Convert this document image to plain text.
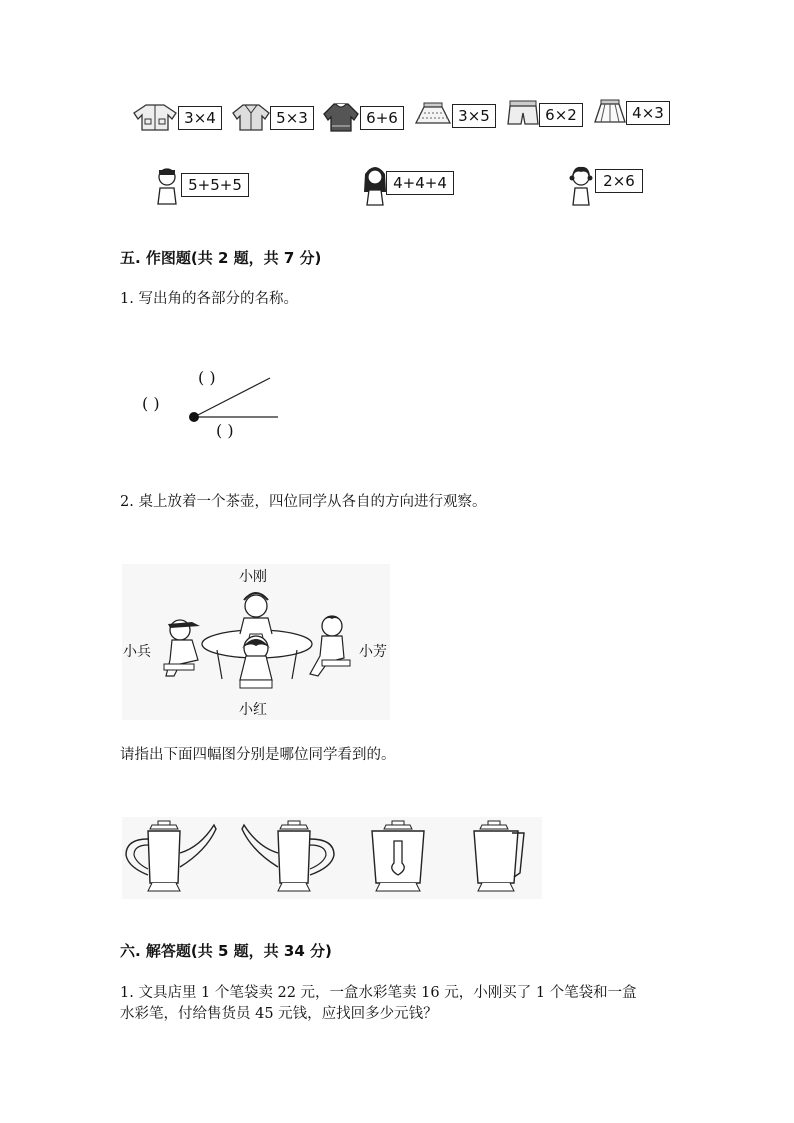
3×4	5×3	6+6	3×5	6×2	4×3
5+5+5	4+4+4	2×6
五. 作图题(共 2 题，共 7 分)
1. 写出角的各部分的名称。
( )
( )
( )
2. 桌上放着一个茶壶，四位同学从各自的方向进行观察。
小刚
小兵	小芳
小红
请指出下面四幅图分别是哪位同学看到的。
六. 解答题(共 5 题，共 34 分)
1. 文具店里 1 个笔袋卖 22 元，一盒水彩笔卖 16 元，小刚买了 1 个笔袋和一盒
水彩笔，付给售货员 45 元钱，应找回多少元钱？
